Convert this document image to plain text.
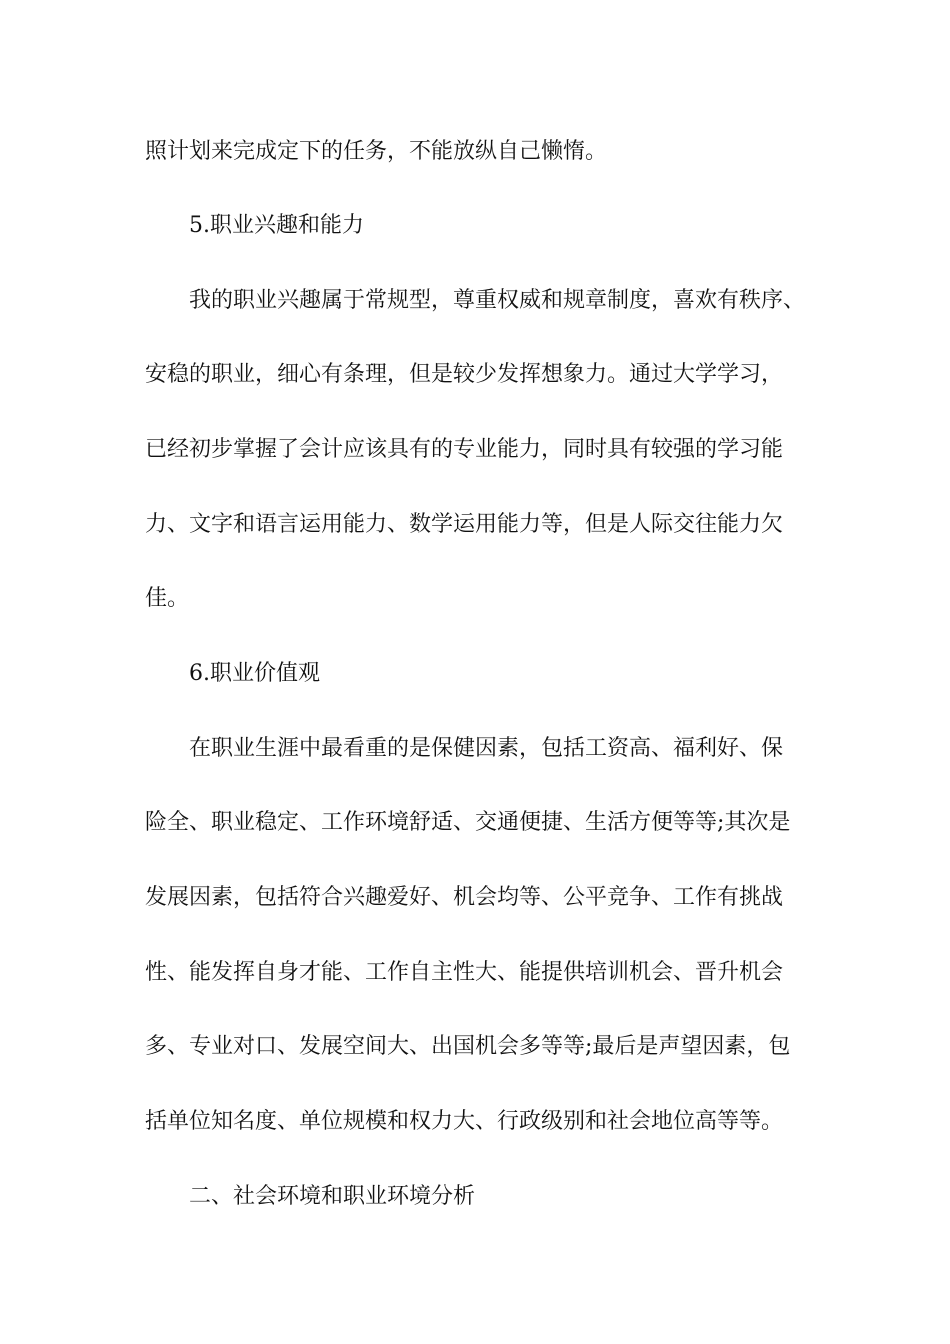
照计划来完成定下的任务，不能放纵自己懒惰。
5.职业兴趣和能力
我的职业兴趣属于常规型，尊重权威和规章制度，喜欢有秩序、
安稳的职业，细心有条理，但是较少发挥想象力。通过大学学习，
已经初步掌握了会计应该具有的专业能力，同时具有较强的学习能
力、文字和语言运用能力、数学运用能力等，但是人际交往能力欠
佳。
6.职业价值观
在职业生涯中最看重的是保健因素，包括工资高、福利好、保
险全、职业稳定、工作环境舒适、交通便捷、生活方便等等;其次是
发展因素，包括符合兴趣爱好、机会均等、公平竞争、工作有挑战
性、能发挥自身才能、工作自主性大、能提供培训机会、晋升机会
多、专业对口、发展空间大、出国机会多等等;最后是声望因素，包
括单位知名度、单位规模和权力大、行政级别和社会地位高等等。
二、社会环境和职业环境分析
